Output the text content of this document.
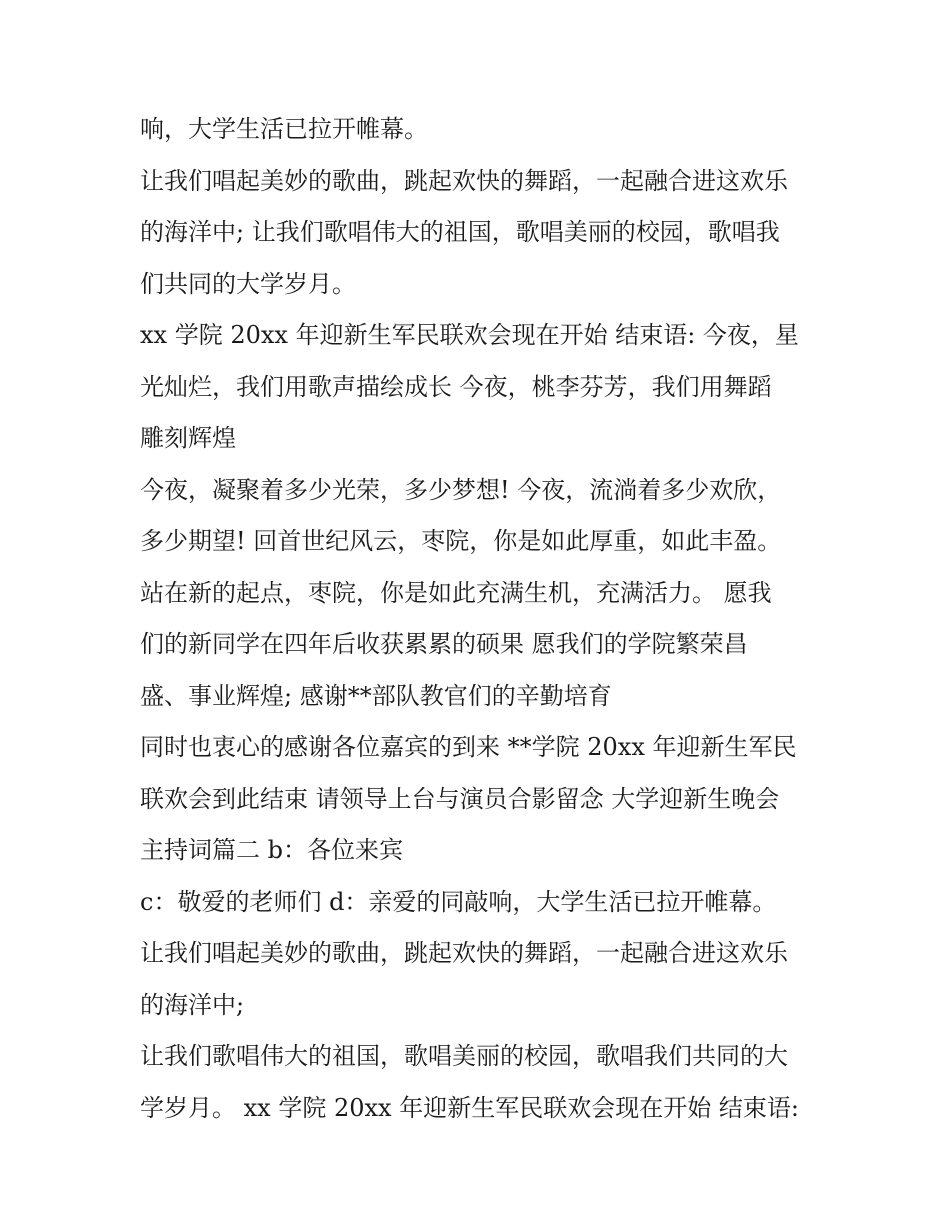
响，大学生活已拉开帷幕。
让我们唱起美妙的歌曲，跳起欢快的舞蹈，一起融合进这欢乐
的海洋中; 让我们歌唱伟大的祖国，歌唱美丽的校园，歌唱我
们共同的大学岁月。
xx 学院 20xx 年迎新生军民联欢会现在开始 结束语: 今夜，星
光灿烂，我们用歌声描绘成长 今夜，桃李芬芳，我们用舞蹈
雕刻辉煌
今夜，凝聚着多少光荣，多少梦想! 今夜，流淌着多少欢欣，
多少期望! 回首世纪风云，枣院，你是如此厚重，如此丰盈。
站在新的起点，枣院，你是如此充满生机，充满活力。 愿我
们的新同学在四年后收获累累的硕果 愿我们的学院繁荣昌
盛、事业辉煌; 感谢**部队教官们的辛勤培育
同时也衷心的感谢各位嘉宾的到来 **学院 20xx 年迎新生军民
联欢会到此结束 请领导上台与演员合影留念 大学迎新生晚会
主持词篇二 b：各位来宾
c：敬爱的老师们 d：亲爱的同敲响，大学生活已拉开帷幕。
让我们唱起美妙的歌曲，跳起欢快的舞蹈，一起融合进这欢乐
的海洋中;
让我们歌唱伟大的祖国，歌唱美丽的校园，歌唱我们共同的大
学岁月。 xx 学院 20xx 年迎新生军民联欢会现在开始 结束语:
